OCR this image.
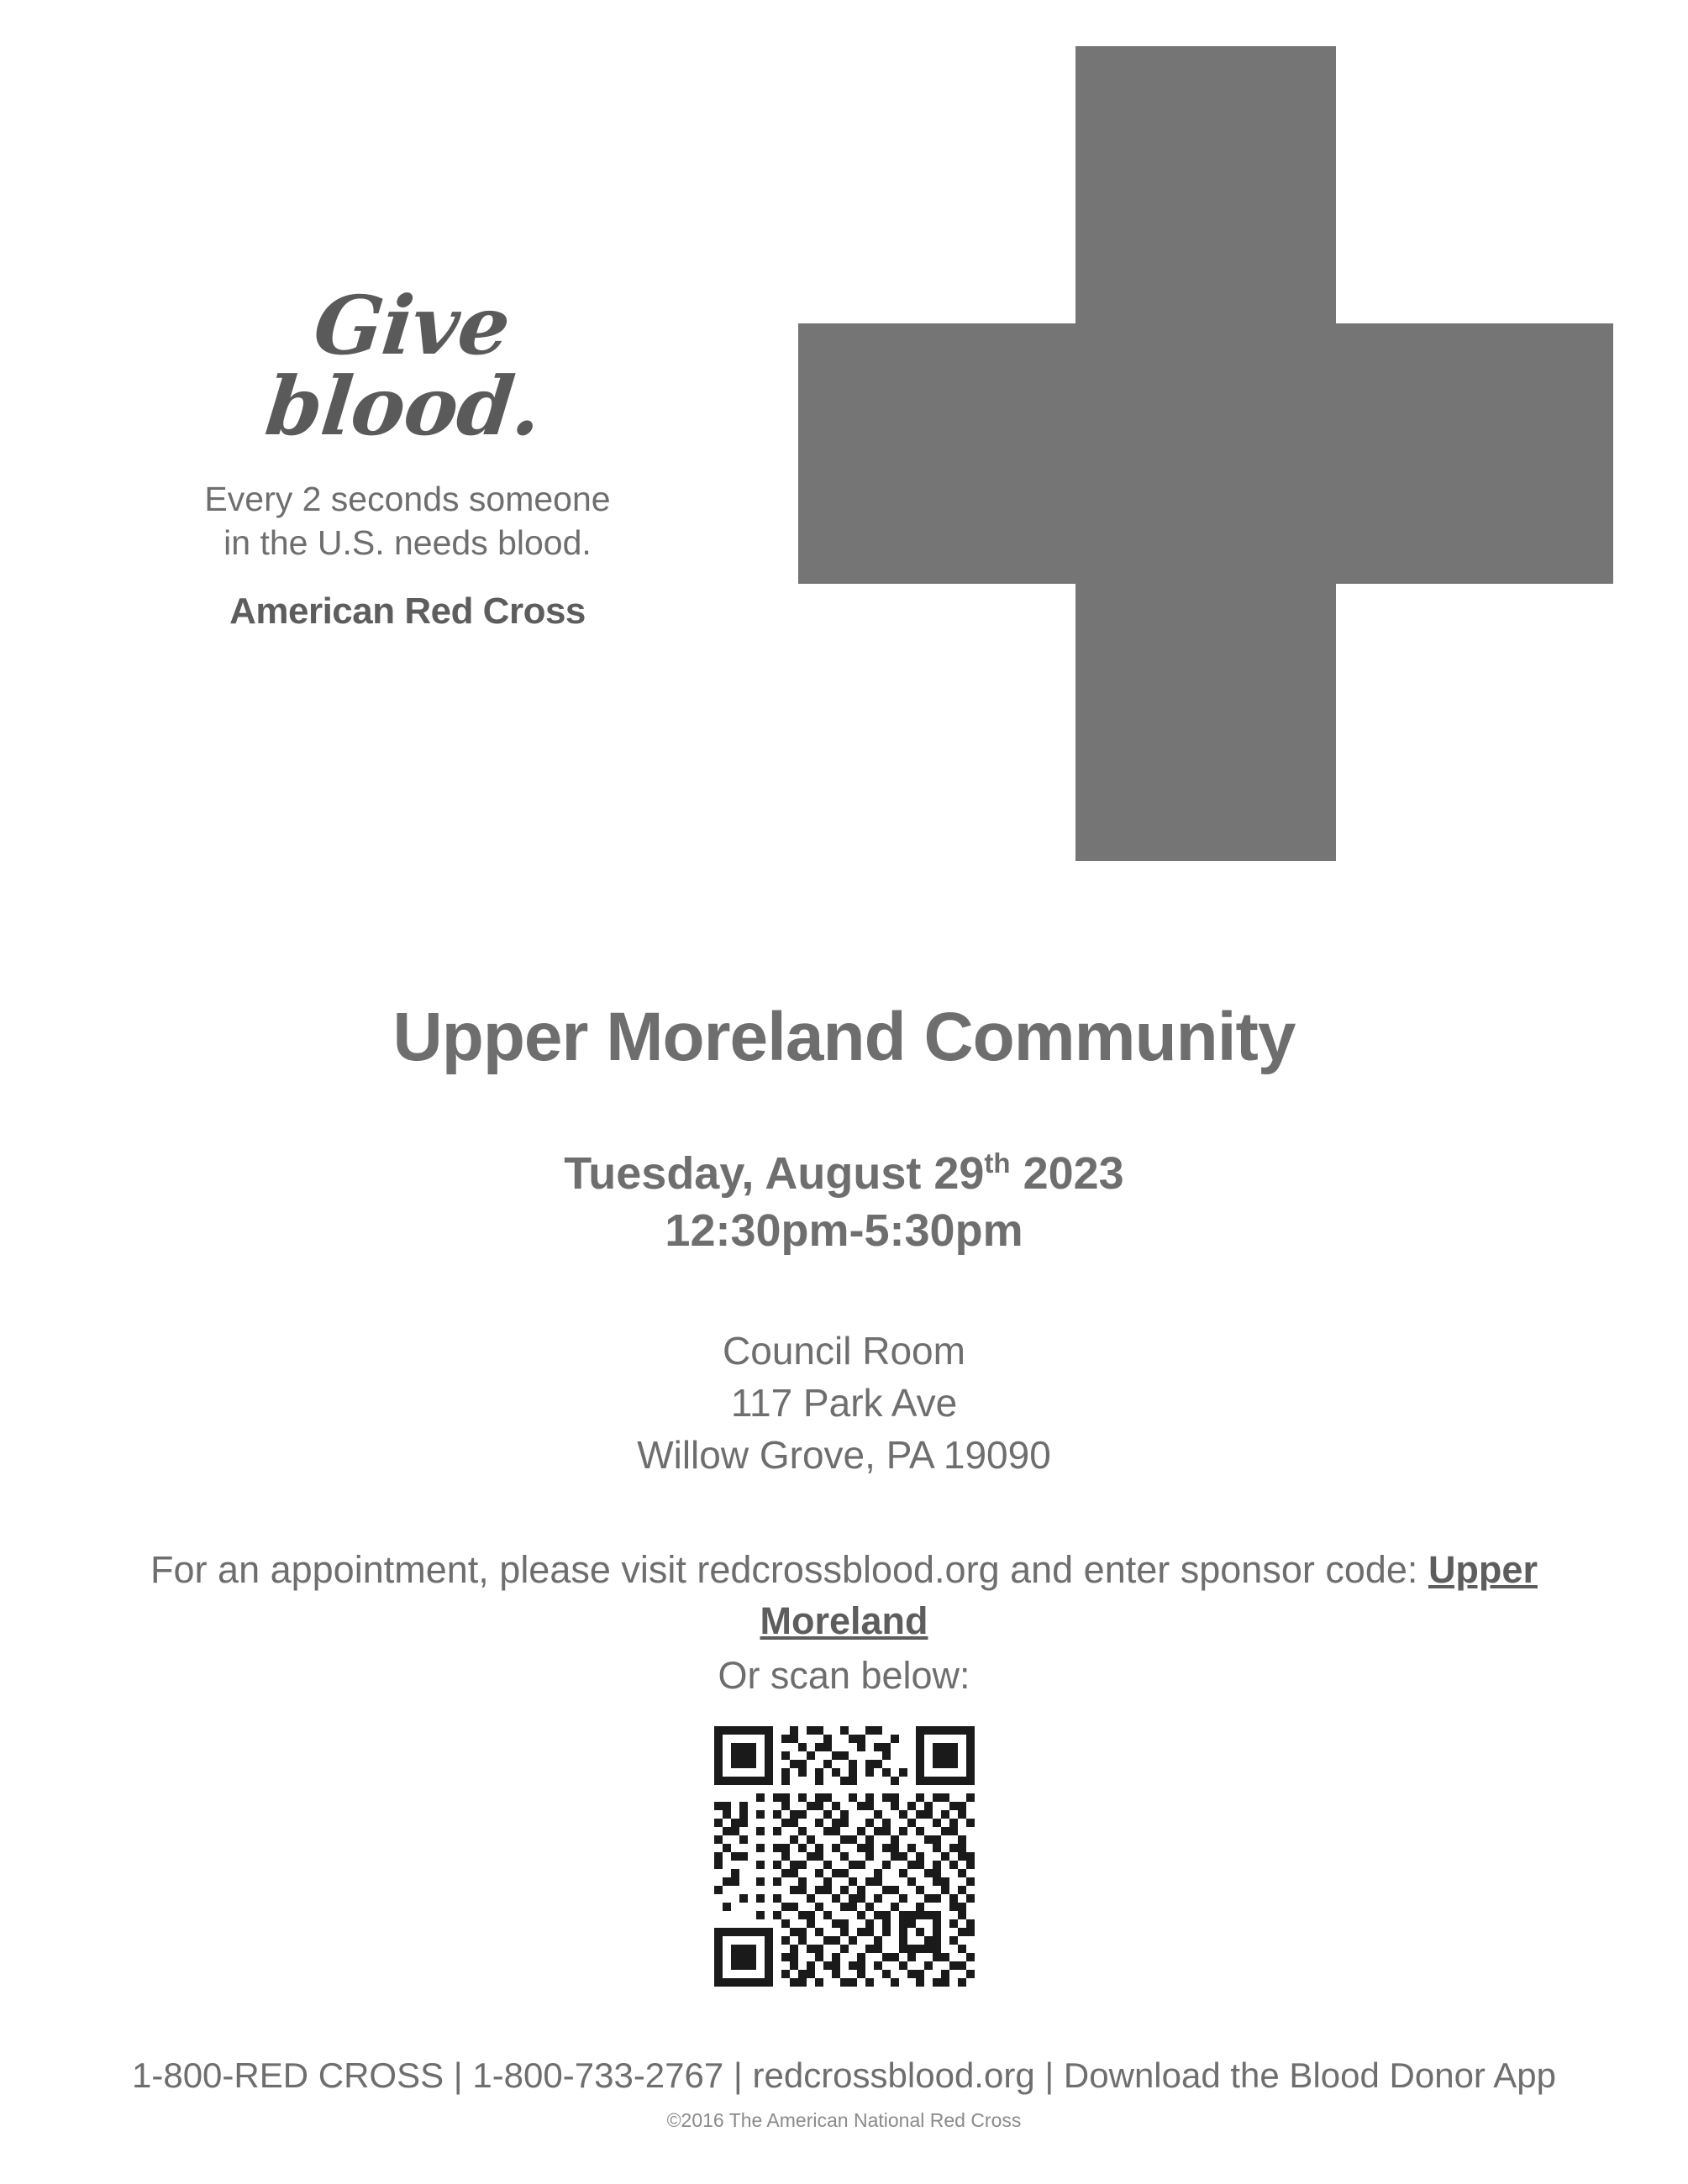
Give blood.
Every 2 seconds someone
in the U.S. needs blood.
American Red Cross
Upper Moreland Community
Tuesday, August 29th 2023
12:30pm-5:30pm
Council Room
117 Park Ave
Willow Grove, PA 19090
For an appointment, please visit redcrossblood.org and enter sponsor code: Upper Moreland
Or scan below:
1-800-RED CROSS | 1-800-733-2767 | redcrossblood.org | Download the Blood Donor App
©2016 The American National Red Cross
